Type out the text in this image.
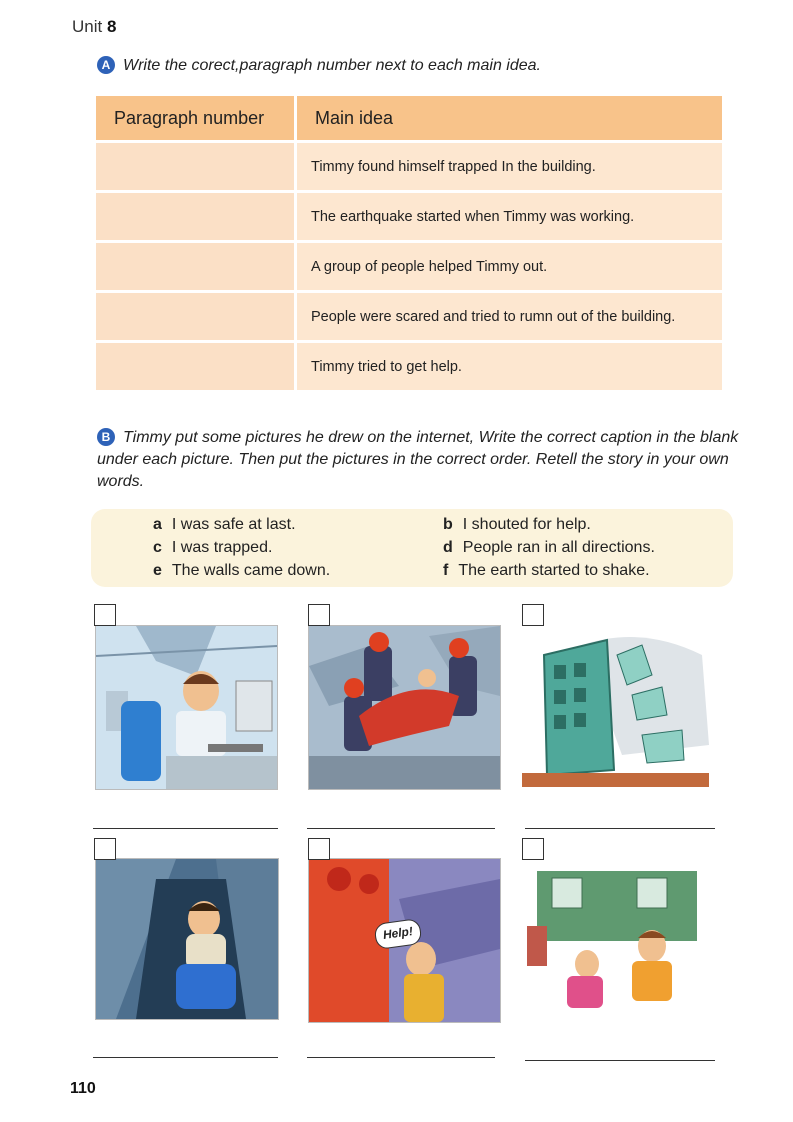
Unit 8
A Write the corect,paragraph number next to each main idea.
Paragraph number	Main idea
	Timmy found himself trapped In the building.
	The earthquake started when Timmy was working.
	A group of people helped Timmy out.
	People were scared and tried to rumn out of the building.
	Timmy tried to get help.
B Timmy put some pictures he drew on the internet, Write the correct caption in the blank under each picture. Then put the pictures in the correct order. Retell the story in your own words.
a I was safe at last.	b I shouted for help.
c I was trapped.	d People ran in all directions.
e The walls came down.	f The earth started to shake.
Help!
110
